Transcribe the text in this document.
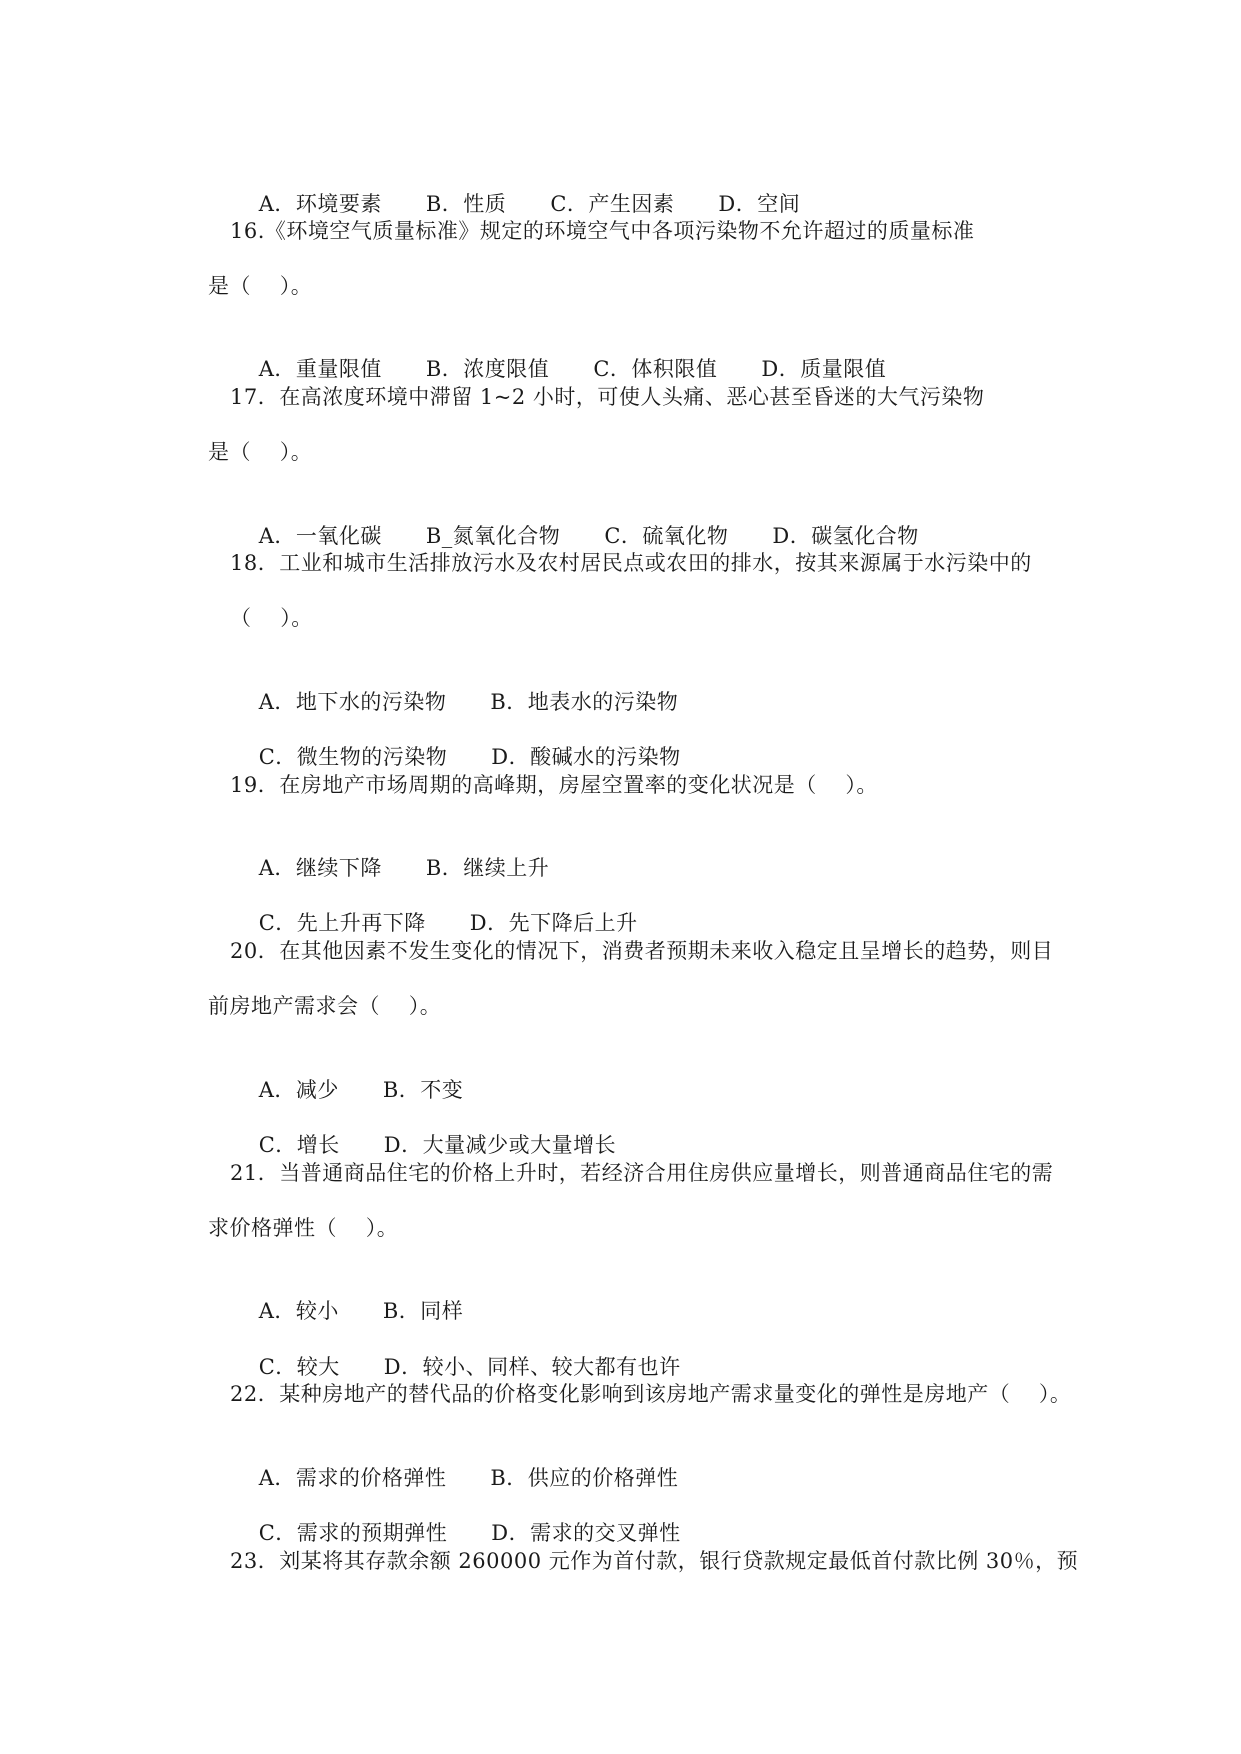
A．环境要素 B．性质 C．产生因素 D．空间

16.《环境空气质量标准》规定的环境空气中各项污染物不允许超过的质量标准
是（    ）。

A．重量限值 B．浓度限值 C．体积限值 D．质量限值

17．在高浓度环境中滞留 1~2 小时，可使人头痛、恶心甚至昏迷的大气污染物
是（    ）。

A．一氧化碳 B_氮氧化合物 C．硫氧化物 D．碳氢化合物

18．工业和城市生活排放污水及农村居民点或农田的排水，按其来源属于水污染中的
（    ）。

A．地下水的污染物 B．地表水的污染物

C．微生物的污染物 D．酸碱水的污染物

19．在房地产市场周期的高峰期，房屋空置率的变化状况是（    ）。

A．继续下降 B．继续上升

C．先上升再下降 D．先下降后上升

20．在其他因素不发生变化的情况下，消费者预期未来收入稳定且呈增长的趋势，则目
前房地产需求会（    ）。

A．减少 B．不变

C．增长 D．大量减少或大量增长

21．当普通商品住宅的价格上升时，若经济合用住房供应量增长，则普通商品住宅的需
求价格弹性（    ）。

A．较小 B．同样

C．较大 D．较小、同样、较大都有也许

22．某种房地产的替代品的价格变化影响到该房地产需求量变化的弹性是房地产（    ）。

A．需求的价格弹性 B．供应的价格弹性

C．需求的预期弹性 D．需求的交叉弹性

23．刘某将其存款余额 260000 元作为首付款，银行贷款规定最低首付款比例 30％，预
